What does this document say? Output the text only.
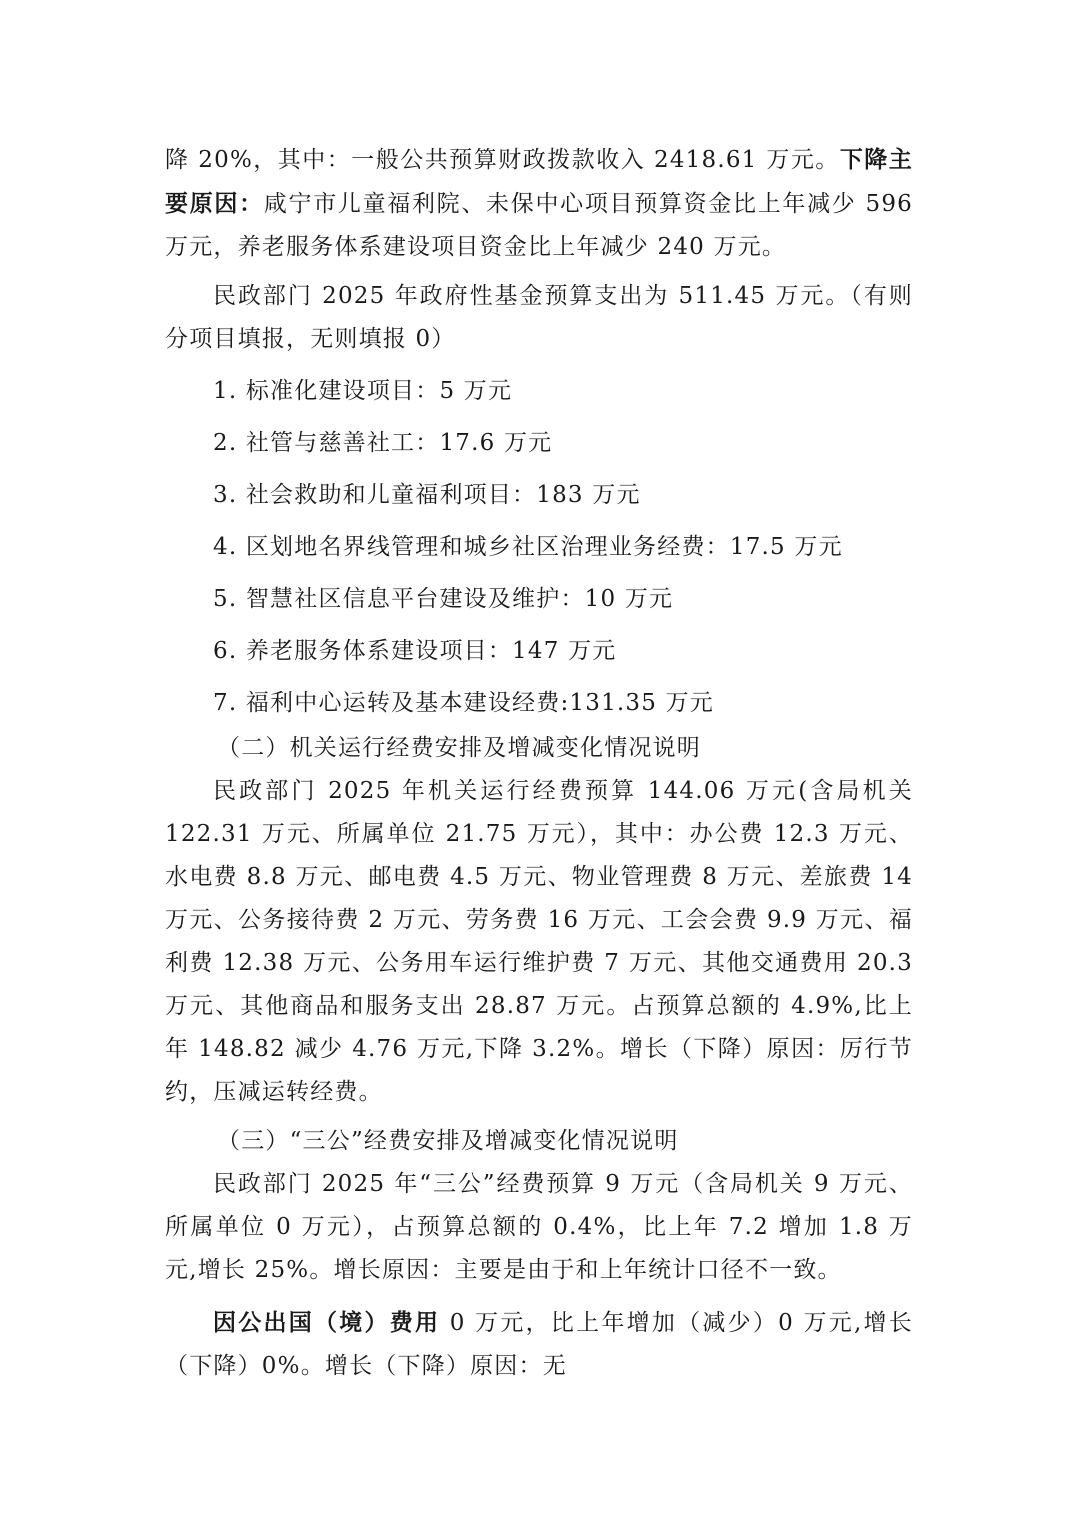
降 20%，其中：一般公共预算财政拨款收入 2418.61 万元。下降主要原因：咸宁市儿童福利院、未保中心项目预算资金比上年减少 596 万元，养老服务体系建设项目资金比上年减少 240 万元。

民政部门 2025 年政府性基金预算支出为 511.45 万元。（有则分项目填报，无则填报 0）

1. 标准化建设项目：5 万元

2. 社管与慈善社工：17.6 万元

3. 社会救助和儿童福利项目：183 万元

4. 区划地名界线管理和城乡社区治理业务经费：17.5 万元

5. 智慧社区信息平台建设及维护：10 万元

6. 养老服务体系建设项目：147 万元

7. 福利中心运转及基本建设经费:131.35 万元

（二）机关运行经费安排及增减变化情况说明

民政部门 2025 年机关运行经费预算 144.06 万元(含局机关 122.31 万元、所属单位 21.75 万元），其中：办公费 12.3 万元、水电费 8.8 万元、邮电费 4.5 万元、物业管理费 8 万元、差旅费 14 万元、公务接待费 2 万元、劳务费 16 万元、工会会费 9.9 万元、福利费 12.38 万元、公务用车运行维护费 7 万元、其他交通费用 20.3 万元、其他商品和服务支出 28.87 万元。占预算总额的 4.9%,比上年 148.82 减少 4.76 万元,下降 3.2%。增长（下降）原因：厉行节约，压减运转经费。

（三）“三公”经费安排及增减变化情况说明

民政部门 2025 年“三公”经费预算 9 万元（含局机关 9 万元、所属单位 0 万元），占预算总额的 0.4%，比上年 7.2 增加 1.8 万元,增长 25%。增长原因：主要是由于和上年统计口径不一致。

因公出国（境）费用 0 万元，比上年增加（减少）0 万元,增长（下降）0%。增长（下降）原因：无
